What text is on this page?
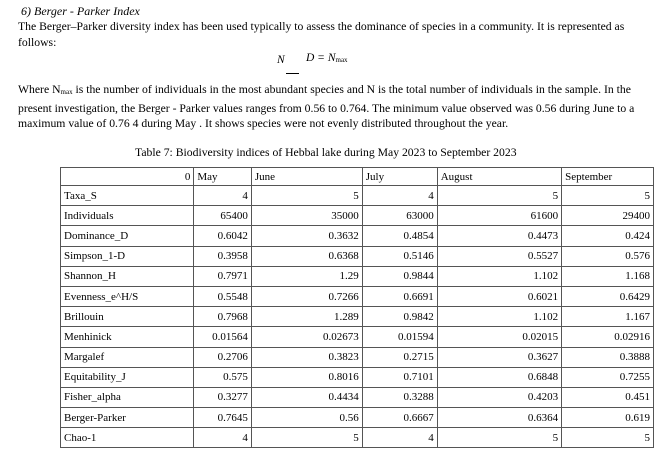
6) Berger - Parker Index

The Berger–Parker diversity index has been used typically to assess the dominance of species in a community. It is represented as follows:

N D = Nmax

Where Nmax is the number of individuals in the most abundant species and N is the total number of individuals in the sample. In the present investigation, the Berger - Parker values ranges from 0.56 to 0.764. The minimum value observed was 0.56 during June to a maximum value of 0.76 4 during May . It shows species were not evenly distributed throughout the year.

Table 7: Biodiversity indices of Hebbal lake during May 2023 to September 2023
0	May	June	July	August	September
Taxa_S	4	5	4	5	5
Individuals	65400	35000	63000	61600	29400
Dominance_D	0.6042	0.3632	0.4854	0.4473	0.424
Simpson_1-D	0.3958	0.6368	0.5146	0.5527	0.576
Shannon_H	0.7971	1.29	0.9844	1.102	1.168
Evenness_e^H/S	0.5548	0.7266	0.6691	0.6021	0.6429
Brillouin	0.7968	1.289	0.9842	1.102	1.167
Menhinick	0.01564	0.02673	0.01594	0.02015	0.02916
Margalef	0.2706	0.3823	0.2715	0.3627	0.3888
Equitability_J	0.575	0.8016	0.7101	0.6848	0.7255
Fisher_alpha	0.3277	0.4434	0.3288	0.4203	0.451
Berger-Parker	0.7645	0.56	0.6667	0.6364	0.619
Chao-1	4	5	4	5	5
